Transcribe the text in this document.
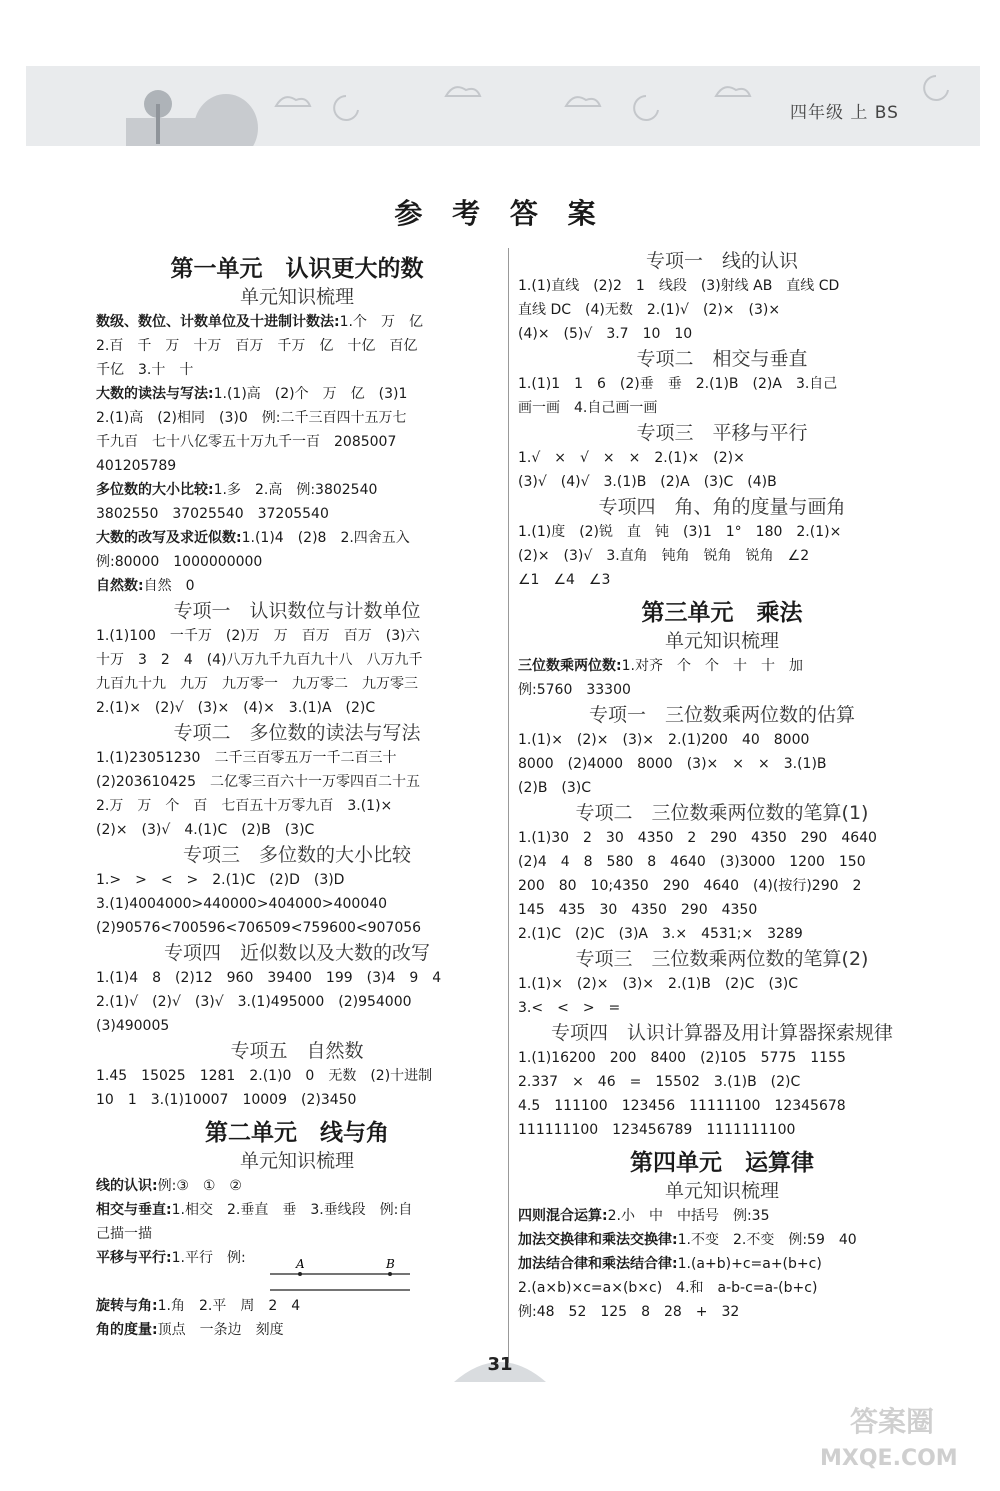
四年级 上 BS
参 考 答 案
第一单元　认识更大的数
单元知识梳理
数级、数位、计数单位及十进制计数法:1.个　万　亿
2.百　千　万　十万　百万　千万　亿　十亿　百亿
千亿　3.十　十
大数的读法与写法:1.(1)高　(2)个　万　亿　(3)1
2.(1)高　(2)相同　(3)0　例:二千三百四十五万七
千九百　七十八亿零五十万九千一百　2085007
401205789
多位数的大小比较:1.多　2.高　例:3802540
3802550　37025540　37205540
大数的改写及求近似数:1.(1)4　(2)8　2.四舍五入
例:80000　1000000000
自然数:自然　0
专项一　认识数位与计数单位
1.(1)100　一千万　(2)万　万　百万　百万　(3)六
十万　3　2　4　(4)八万九千九百九十八　八万九千
九百九十九　九万　九万零一　九万零二　九万零三
2.(1)×　(2)√　(3)×　(4)×　3.(1)A　(2)C
专项二　多位数的读法与写法
1.(1)23051230　二千三百零五万一千二百三十
(2)203610425　二亿零三百六十一万零四百二十五
2.万　万　个　百　七百五十万零九百　3.(1)×
(2)×　(3)√　4.(1)C　(2)B　(3)C
专项三　多位数的大小比较
1.>　>　<　>　2.(1)C　(2)D　(3)D
3.(1)4004000>440000>404000>400040
(2)90576<700596<706509<759600<907056
专项四　近似数以及大数的改写
1.(1)4　8　(2)12　960　39400　199　(3)4　9　4
2.(1)√　(2)√　(3)√　3.(1)495000　(2)954000
(3)490005
专项五　自然数
1.45　15025　1281　2.(1)0　0　无数　(2)十进制
10　1　3.(1)10007　10009　(2)3450
第二单元　线与角
单元知识梳理
线的认识:例:③　①　②
相交与垂直:1.相交　2.垂直　垂　3.垂线段　例:自
己描一描
平移与平行:1.平行　例:

旋转与角:1.角　2.平　周　2　4
角的度量:顶点　一条边　刻度
专项一　线的认识
1.(1)直线　(2)2　1　线段　(3)射线 AB　直线 CD
直线 DC　(4)无数　2.(1)√　(2)×　(3)×
(4)×　(5)√　3.7　10　10
专项二　相交与垂直
1.(1)1　1　6　(2)垂　垂　2.(1)B　(2)A　3.自己
画一画　4.自己画一画
专项三　平移与平行
1.√　×　√　×　×　2.(1)×　(2)×
(3)√　(4)√　3.(1)B　(2)A　(3)C　(4)B
专项四　角、角的度量与画角
1.(1)度　(2)锐　直　钝　(3)1　1°　180　2.(1)×
(2)×　(3)√　3.直角　钝角　锐角　锐角　∠2
∠1　∠4　∠3
第三单元　乘法
单元知识梳理
三位数乘两位数:1.对齐　个　个　十　十　加
例:5760　33300
专项一　三位数乘两位数的估算
1.(1)×　(2)×　(3)×　2.(1)200　40　8000
8000　(2)4000　8000　(3)×　×　×　3.(1)B
(2)B　(3)C
专项二　三位数乘两位数的笔算(1)
1.(1)30　2　30　4350　2　290　4350　290　4640
(2)4　4　8　580　8　4640　(3)3000　1200　150
200　80　10;4350　290　4640　(4)(按行)290　2
145　435　30　4350　290　4350
2.(1)C　(2)C　(3)A　3.×　4531;×　3289
专项三　三位数乘两位数的笔算(2)
1.(1)×　(2)×　(3)×　2.(1)B　(2)C　(3)C
3.<　<　>　=
专项四　认识计算器及用计算器探索规律
1.(1)16200　200　8400　(2)105　5775　1155
2.337　×　46　=　15502　3.(1)B　(2)C
4.5　111100　123456　11111100　12345678
111111100　123456789　1111111100
第四单元　运算律
单元知识梳理
四则混合运算:2.小　中　中括号　例:35
加法交换律和乘法交换律:1.不变　2.不变　例:59　40
加法结合律和乘法结合律:1.(a+b)+c=a+(b+c)
2.(a×b)×c=a×(b×c)　4.和　a-b-c=a-(b+c)
例:48　52　125　8　28　+　32
A	B
31
答案圈
MXQE.COM
